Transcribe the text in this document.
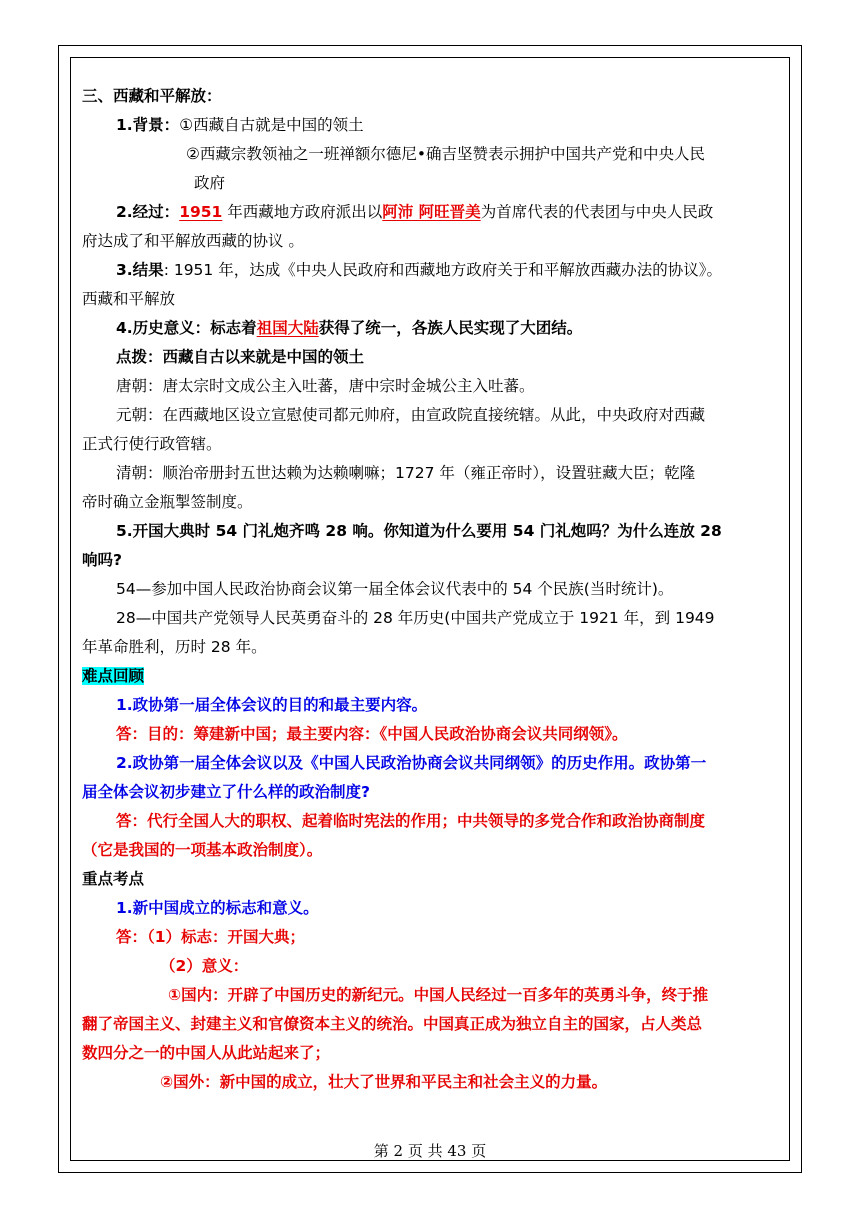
三、西藏和平解放：
1.背景：①西藏自古就是中国的领土
②西藏宗教领袖之一班禅额尔德尼•确吉坚赞表示拥护中国共产党和中央人民
政府
2.经过：1951 年西藏地方政府派出以阿沛 阿旺晋美为首席代表的代表团与中央人民政
府达成了和平解放西藏的协议 。
3.结果: 1951 年，达成《中央人民政府和西藏地方政府关于和平解放西藏办法的协议》。
西藏和平解放
4.历史意义：标志着祖国大陆获得了统一，各族人民实现了大团结。
点拨：西藏自古以来就是中国的领土
唐朝：唐太宗时文成公主入吐蕃，唐中宗时金城公主入吐蕃。
元朝：在西藏地区设立宣慰使司都元帅府，由宣政院直接统辖。从此，中央政府对西藏
正式行使行政管辖。
清朝：顺治帝册封五世达赖为达赖喇嘛；1727 年（雍正帝时），设置驻藏大臣；乾隆
帝时确立金瓶掣签制度。
5.开国大典时 54 门礼炮齐鸣 28 响。你知道为什么要用 54 门礼炮吗？为什么连放 28
响吗?
54—参加中国人民政治协商会议第一届全体会议代表中的 54 个民族(当时统计)。
28—中国共产党领导人民英勇奋斗的 28 年历史(中国共产党成立于 1921 年，到 1949
年革命胜利，历时 28 年。
难点回顾
1.政协第一届全体会议的目的和最主要内容。
答：目的：筹建新中国；最主要内容：《中国人民政治协商会议共同纲领》。
2.政协第一届全体会议以及《中国人民政治协商会议共同纲领》的历史作用。政协第一
届全体会议初步建立了什么样的政治制度?
答：代行全国人大的职权、起着临时宪法的作用；中共领导的多党合作和政治协商制度
（它是我国的一项基本政治制度）。
重点考点
1.新中国成立的标志和意义。
答：（1）标志：开国大典；
（2）意义：
①国内：开辟了中国历史的新纪元。中国人民经过一百多年的英勇斗争，终于推
翻了帝国主义、封建主义和官僚资本主义的统治。中国真正成为独立自主的国家，占人类总
数四分之一的中国人从此站起来了；
②国外：新中国的成立，壮大了世界和平民主和社会主义的力量。
第 2 页 共 43 页
